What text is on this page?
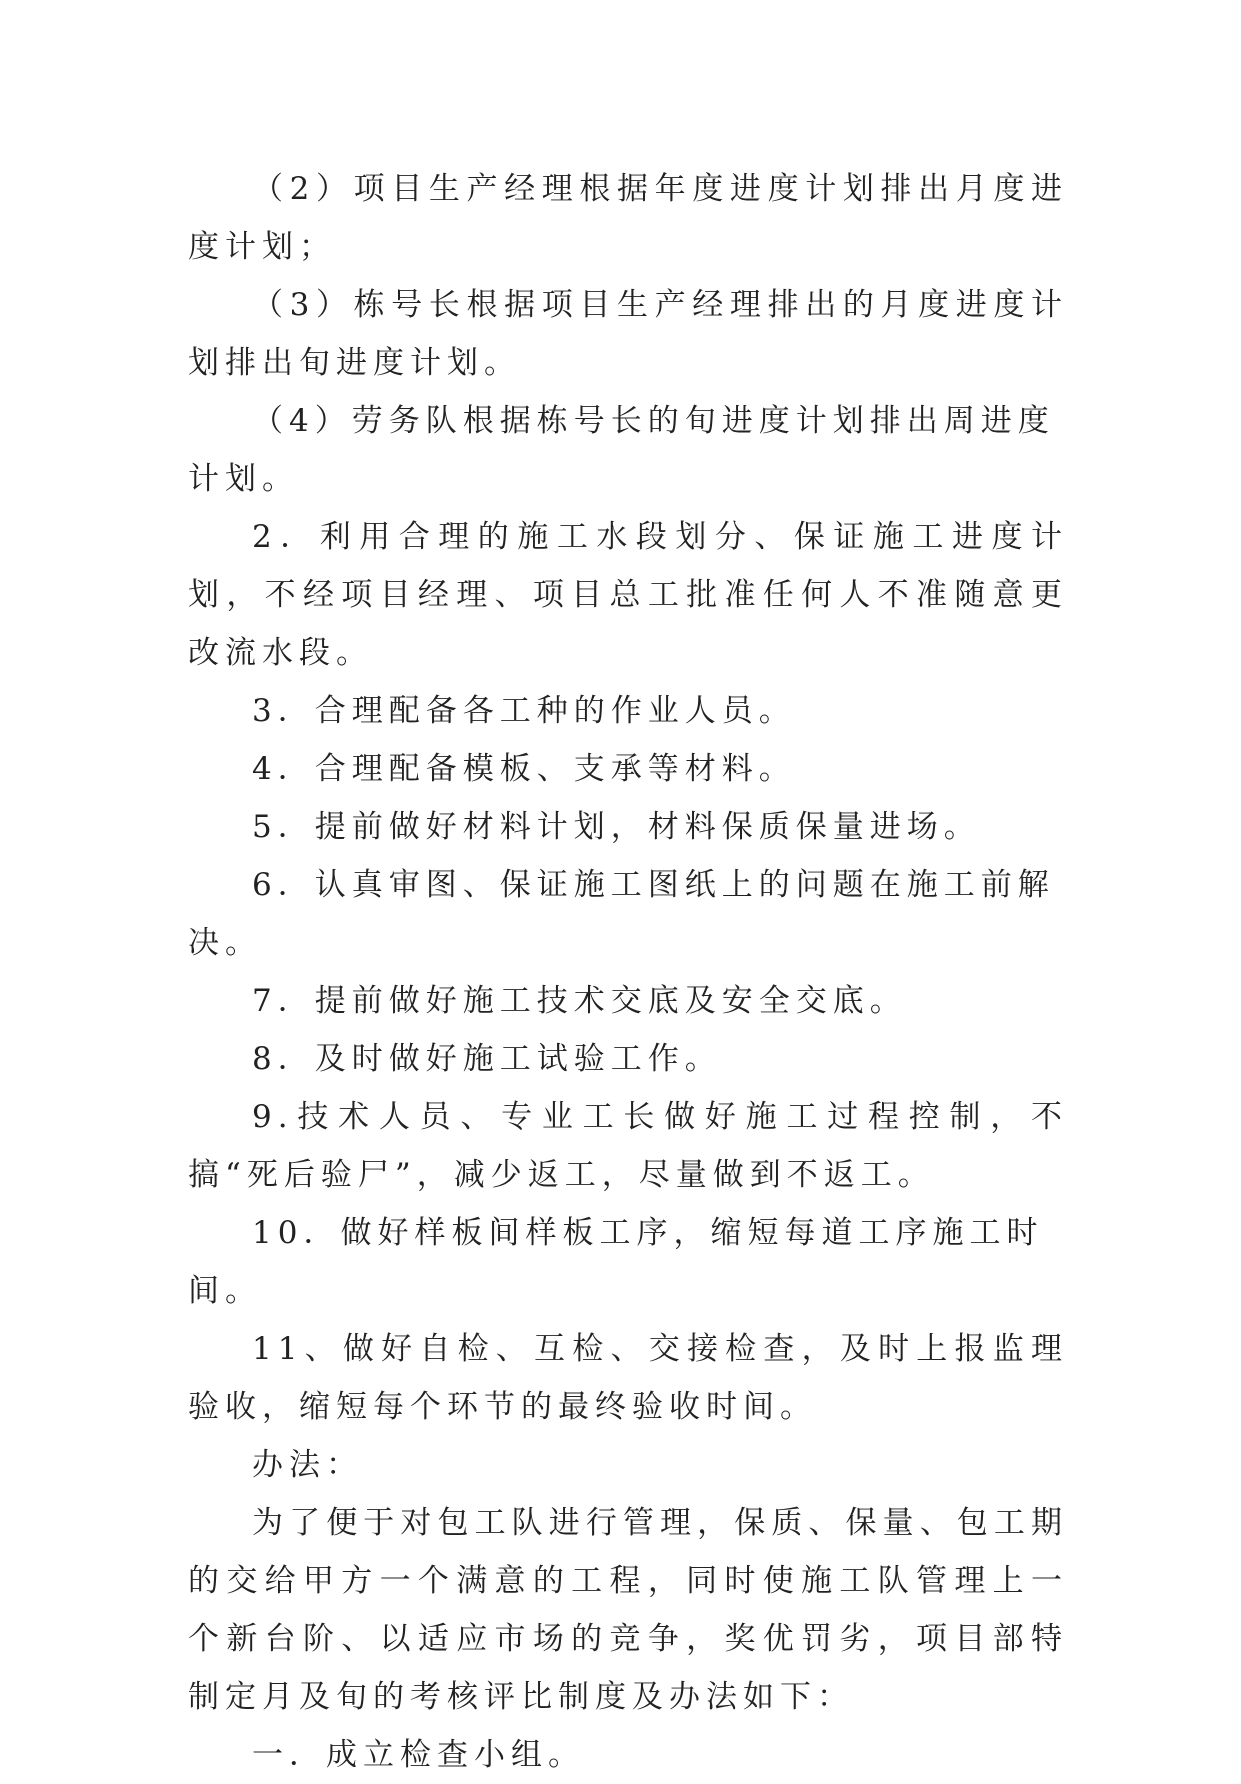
（2）项目生产经理根据年度进度计划排出月度进度计划；

（3）栋号长根据项目生产经理排出的月度进度计划排出旬进度计划。

（4）劳务队根据栋号长的旬进度计划排出周进度计划。

2．利用合理的施工水段划分、保证施工进度计划，不经项目经理、项目总工批准任何人不准随意更改流水段。

3．合理配备各工种的作业人员。

4．合理配备模板、支承等材料。

5．提前做好材料计划，材料保质保量进场。

6．认真审图、保证施工图纸上的问题在施工前解决。

7．提前做好施工技术交底及安全交底。

8．及时做好施工试验工作。

9.技术人员、专业工长做好施工过程控制，不搞“死后验尸”，减少返工，尽量做到不返工。

10．做好样板间样板工序，缩短每道工序施工时间。

11、做好自检、互检、交接检查，及时上报监理验收，缩短每个环节的最终验收时间。

办法：

为了便于对包工队进行管理，保质、保量、包工期的交给甲方一个满意的工程，同时使施工队管理上一个新台阶、以适应市场的竞争，奖优罚劣，项目部特制定月及旬的考核评比制度及办法如下：

一．成立检查小组。
